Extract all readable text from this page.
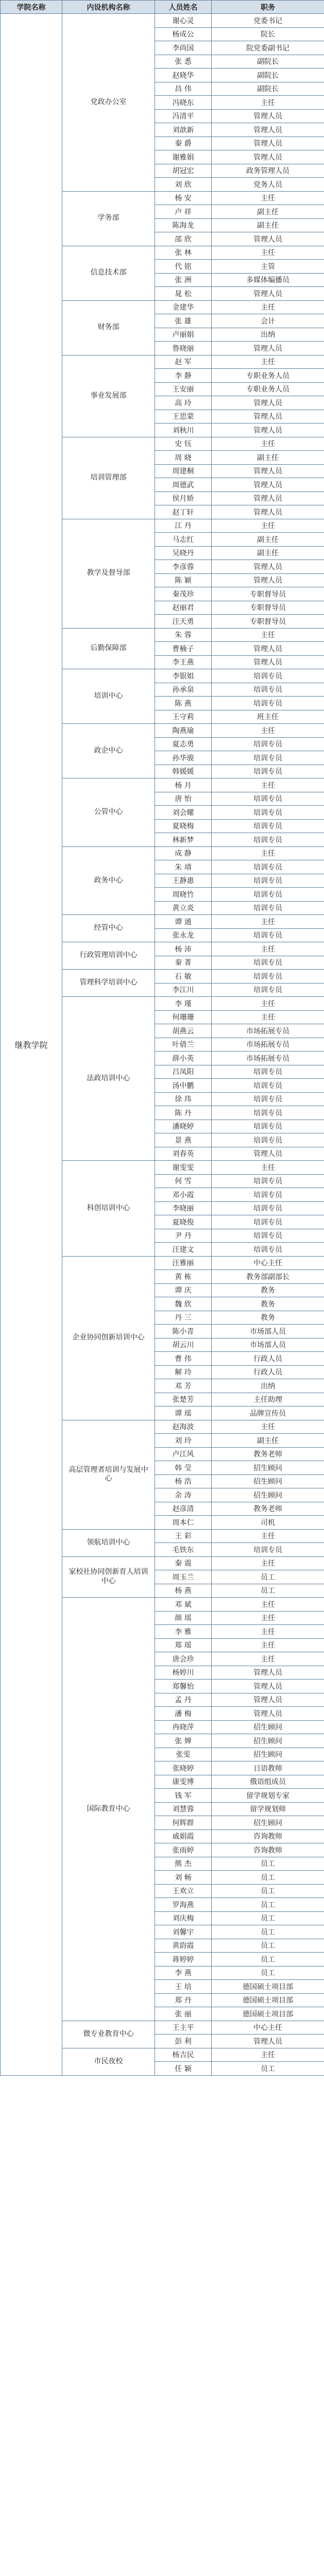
学院名称	内设机构名称	人员姓名	职务
继教学院	党政办公室	谢心灵	党委书记
		杨成公	院长
		李尚国	院党委副书记
		张 悉	副院长
		赵晓华	副院长
		昌 伟	副院长
		冯晓东	主任
		冯清平	管理人员
		刘歆新	管理人员
		秦 爵	管理人员
		谢雅娟	管理人员
		胡冠宏	政务管理人员
		刘 欣	党务人员
	学务部	杨 安	主任
		卢 祥	副主任
		陈海龙	副主任
		邵 欣	管理人员
	信息技术部	张 林	主任
		代 铭	主管
		张 洲	多媒体编播员
		晁 松	管理人员
	财务部	金建华	主任
		张 雄	会计
		卢丽娟	出纳
		鲁晓丽	管理人员
	事业发展部	赵 军	主任
		李 静	专职业务人员
		王安丽	专职业务人员
		高 玲	管理人员
		王思蒙	管理人员
		刘秋川	管理人员
	培训管理部	史 钰	主任
		周 晓	副主任
		周建桐	管理人员
		周德武	管理人员
		侯月娇	管理人员
		赵丁轩	管理人员
	教学及督导部	江 丹	主任
		马志红	副主任
		吴晓丹	副主任
		李彦蓉	管理人员
		陈 颖	管理人员
		秦茂珍	专职督导员
		赵丽君	专职督导员
		汪天勇	专职督导员
	后勤保障部	朱 蓉	主任
		曹楠子	管理人员
		李王燕	管理人员
	培训中心	李银姐	培训专员
		孙承泉	培训专员
		陈 燕	培训专员
		王守莉	班主任
	政企中心	陶燕瑜	主任
		夏志勇	培训专员
		孙华骏	培训专员
		韩媛媛	培训专员
	公管中心	杨 月	主任
		唐 怡	培训专员
		刘会耀	培训专员
		夏晓梅	培训专员
		林新梦	培训专员
	政务中心	成 静	主任
		朱 靖	培训专员
		王静惠	培训专员
		周晓竹	培训专员
		黄立炎	培训专员
	经管中心	谭 通	主任
		张永龙	培训专员
	行政管理培训中心	杨 沛	主任
		秦 菁	培训专员
	管理科学培训中心	石 敏	培训专员
		李江川	培训专员
	法政培训中心	李 瑾	主任
		何珊珊	主任
		胡燕云	市场拓展专员
		叶倩兰	市场拓展专员
		薛小英	市场拓展专员
		吕凤阳	培训专员
		汤中鹏	培训专员
		徐 玮	培训专员
		陈 丹	培训专员
		潘晓婷	培训专员
		景 燕	培训专员
		刘春英	管理人员
	科创培训中心	谢雯雯	主任
		何 雪	培训专员
		邓小霞	培训专员
		李晓丽	培训专员
		夏晓俊	培训专员
		尹 丹	培训专员
		汪建文	培训专员
	企业协同创新培训中心	汪雅丽	中心主任
		黄 栋	教务部副部长
		谭 庆	教务
		魏 欣	教务
		丹 三	教务
		陈小青	市场部人员
		胡云川	市场部人员
		曹 伟	行政人员
		解 玲	行政人员
		邓 芳	出纳
		张楚芳	主任助理
		谭 瑶	品牌宣传员
	高层管理者培训与发展中心	赵海波	主任
		刘 玲	副主任
		卢江风	教务老师
		韩 莹	招生顾问
		杨 浩	招生顾问
		余 涛	招生顾问
		赵彦清	教务老师
		周本仁	司机
	领航培训中心	王 彩	主任
		毛铁东	培训专员
	家校社协同创新育人培训中心	秦 震	主任
		周玉兰	员工
		杨 燕	员工
	国际教育中心	邓 斌	主任
		颜 瑶	主任
		李 雅	主任
		郑 瑶	主任
		唐会珍	主任
		杨婷川	管理人员
		郑馨怡	管理人员
		孟 丹	管理人员
		潘 梅	管理人员
		冉晓萍	招生顾问
		张 婵	招生顾问
		张雯	招生顾问
		张晓婷	日语教师
		康雯博	俄语组成员
		钱 军	留学规划专家
		刘慧蓉	留学规划师
		何辉群	招生顾问
		戚娟霞	咨询教师
		张雨婷	咨询教师
		熊 杰	员工
		刘 畅	员工
		王欢立	员工
		罗海燕	员工
		刘庆梅	员工
		刘馨宇	员工
		黄韵霞	员工
		蒋婷婷	员工
		李 燕	员工
		王 培	德国硕士项目部
		郑 丹	德国硕士项目部
		张 丽	德国硕士项目部
	微专业教育中心	王主平	中心主任
		彭 利	管理人员
	市民夜校	杨吉民	主任
		任 颖	员工
